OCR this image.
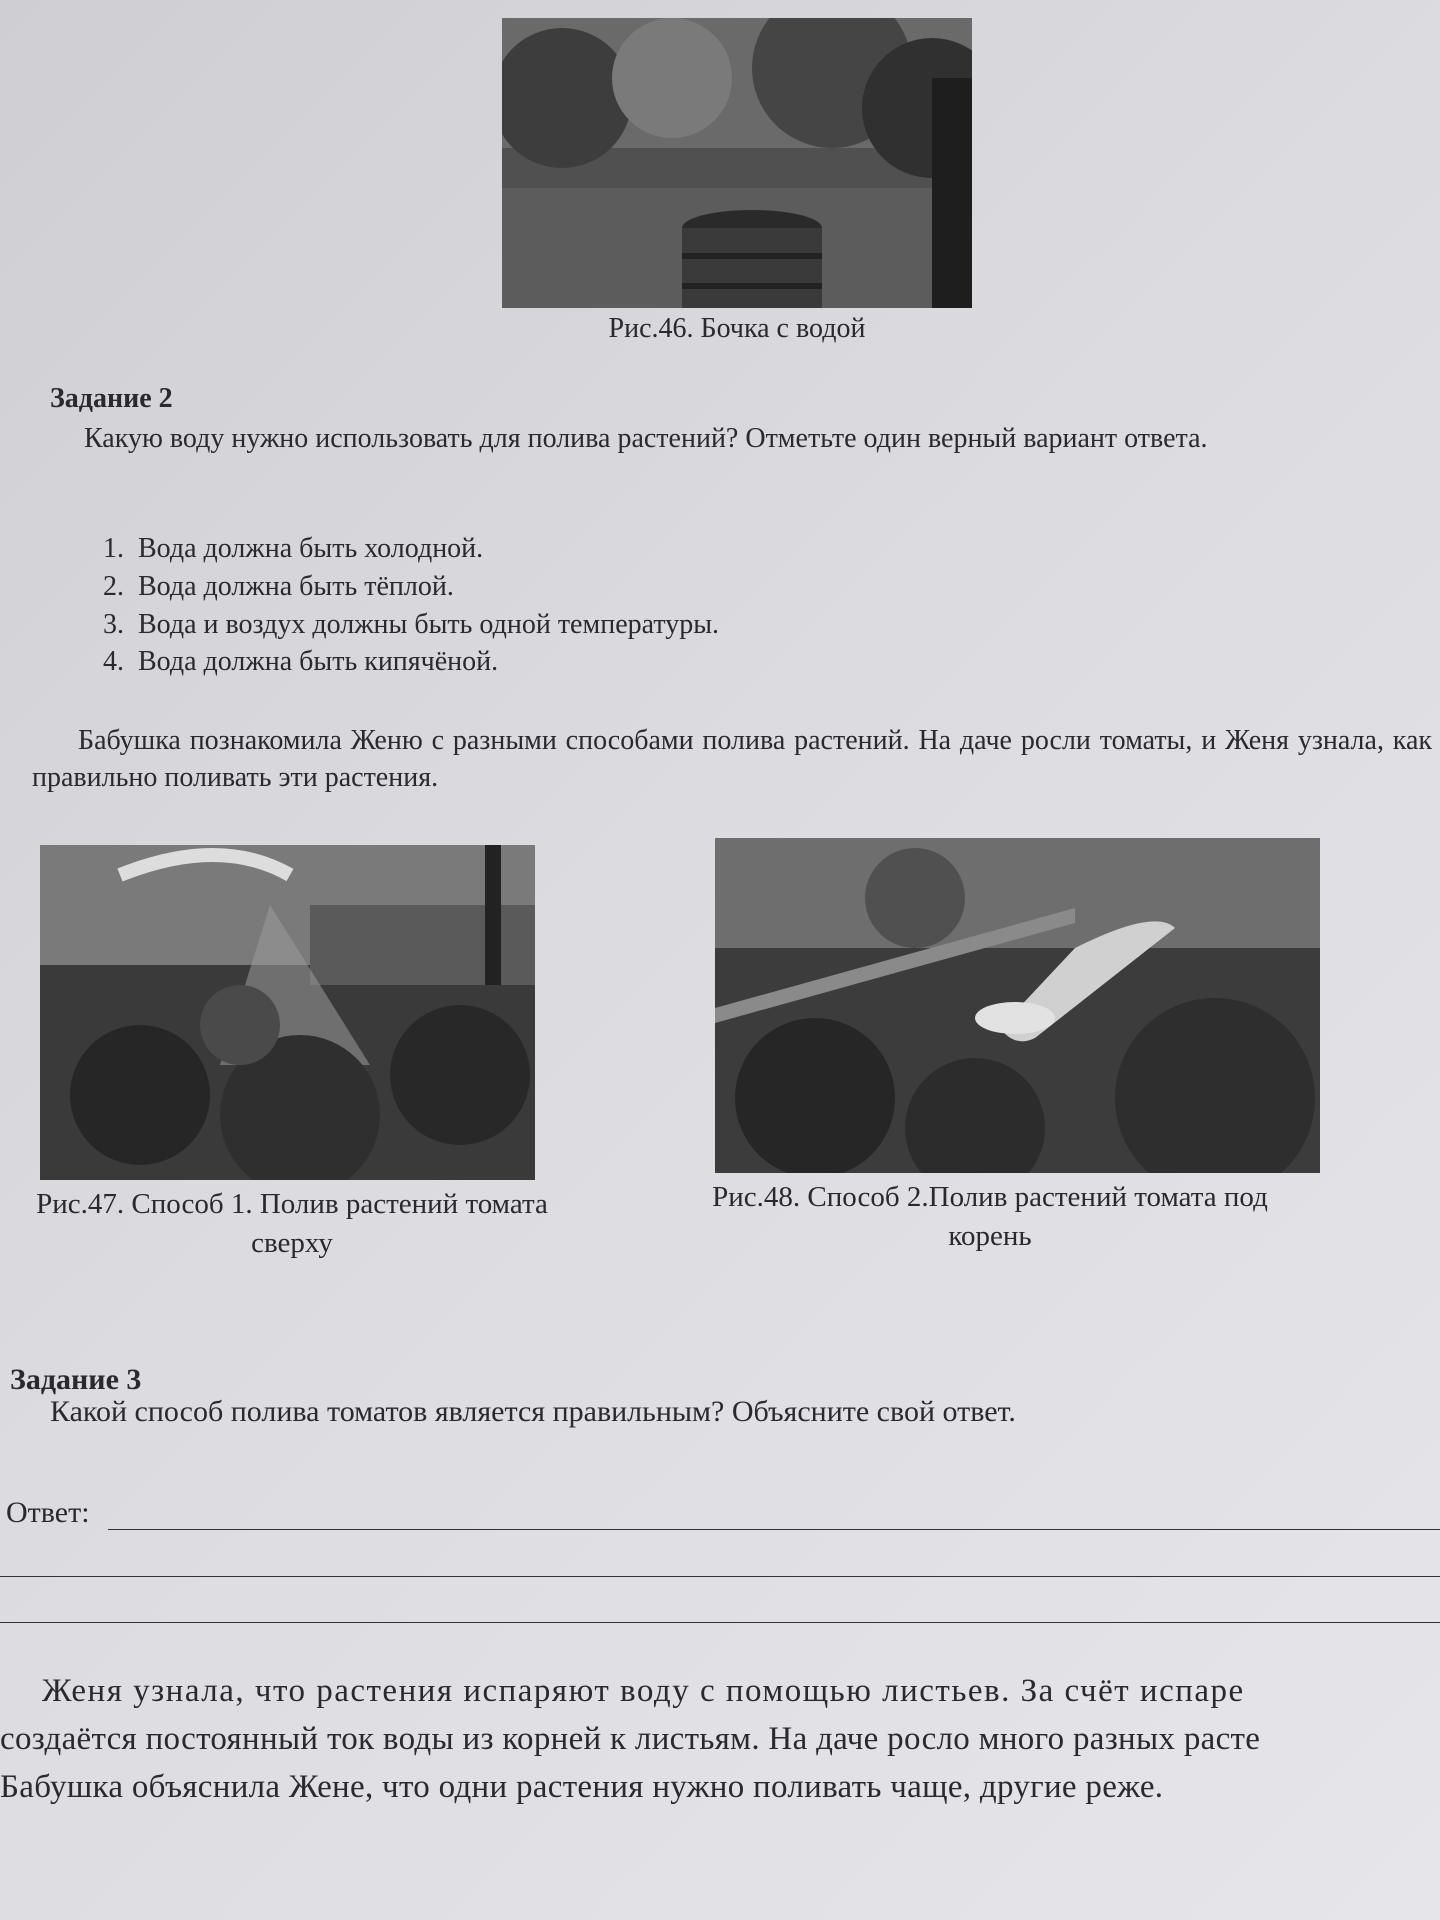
Рис.46. Бочка с водой
Задание 2
Какую воду нужно использовать для полива растений? Отметьте один верный вариант ответа.
1. Вода должна быть холодной.
2. Вода должна быть тёплой.
3. Вода и воздух должны быть одной температуры.
4. Вода должна быть кипячёной.
Бабушка познакомила Женю с разными способами полива растений. На даче росли томаты, и Женя узнала, как правильно поливать эти растения.
Рис.47. Способ 1. Полив растений томата сверху
Рис.48. Способ 2.Полив растений томата под корень
Задание 3
Какой способ полива томатов является правильным? Объясните свой ответ.
Ответ:
Женя узнала, что растения испаряют воду с помощью листьев. За счёт испаре
создаётся постоянный ток воды из корней к листьям. На даче росло много разных расте
Бабушка объяснила Жене, что одни растения нужно поливать чаще, другие реже.
